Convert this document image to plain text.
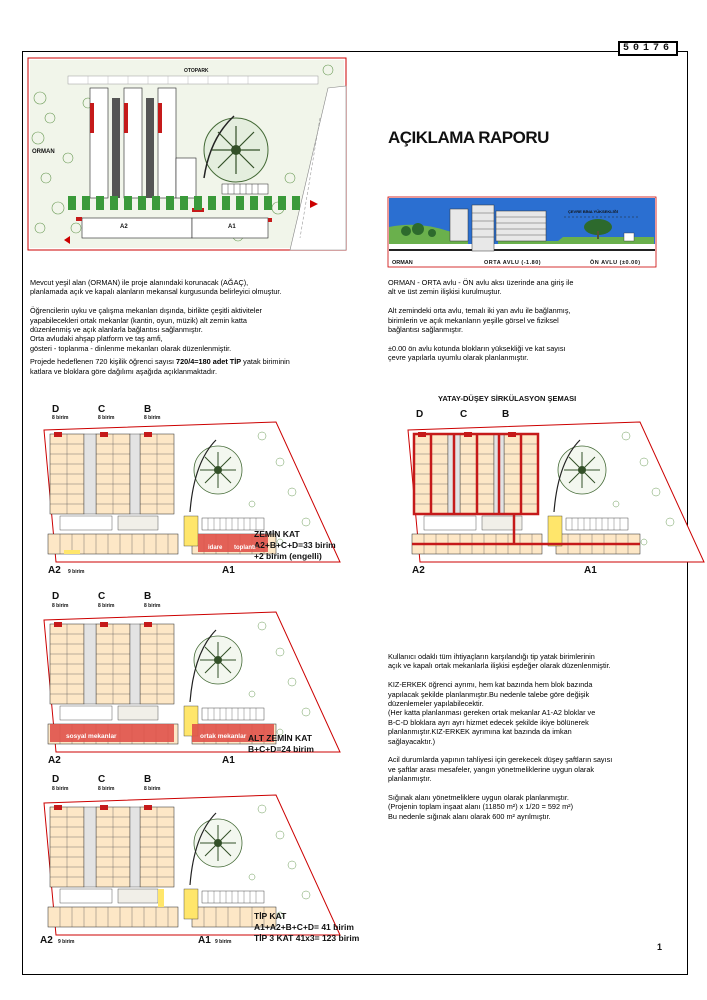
50176
OTOPARK
ORMAN
A2	A1
AÇIKLAMA RAPORU
ÇEVRE BİNA YÜKSEKLİĞİ
ORMAN	ORTA AVLU (-1.80)	ÖN AVLU (±0.00)

Mevcut yeşil alan (ORMAN) ile proje alanındaki korunacak (AĞAÇ),

planlamada açık ve kapalı alanların mekansal kurgusunda belirleyici olmuştur.

Öğrencilerin uyku ve çalışma mekanları dışında, birlikte çeşitli aktiviteler

yapabilecekleri ortak mekanlar (kantin, oyun, müzik) alt zemin katta

düzenlenmiş ve açık alanlarla bağlantısı sağlanmıştır.

Orta avludaki ahşap platform ve taş amfi,

gösteri - toplanma - dinlenme mekanları olarak düzenlenmiştir.

Projede hedeflenen 720 kişilik öğrenci sayısı 720/4=180 adet TİP yatak biriminin

katlara ve bloklara göre dağılımı aşağıda açıklanmaktadır.

ORMAN - ORTA avlu - ÖN avlu aksı üzerinde ana giriş ile

alt ve üst zemin ilişkisi kurulmuştur.

Alt zemindeki orta avlu, temalı iki yan avlu ile bağlanmış,

birimlerin ve açık mekanların yeşille görsel ve fiziksel

bağlantısı sağlanmıştır.

±0.00 ön avlu kotunda blokların yüksekliği ve kat sayısı

çevre yapılarla uyumlu olarak planlanmıştır.

YATAY-DÜŞEY SİRKÜLASYON ŞEMASI
D	C	B
8 birim	8 birim	8 birim
ZEMİN KAT
A2+B+C+D=33 birim
+2 birim (engelli)
idare toplantı
A2 9 birim	A1
D	C	B
A2	A1
D	C	B
8 birim	8 birim	8 birim
sosyal mekanlar	ortak mekanlar ALT ZEMİN KAT
B+C+D=24 birim
A2	A1
D	C	B
8 birim	8 birim	8 birim
TİP KAT
A1+A2+B+C+D= 41 birim
TİP 3 KAT 41x3= 123 birim
A2 9 birim	A1 9 birim

Kullanıcı odaklı tüm ihtiyaçların karşılandığı tip yatak birimlerinin

açık ve kapalı ortak mekanlarla ilişkisi eşdeğer olarak düzenlenmiştir.

KIZ-ERKEK öğrenci ayrımı, hem kat bazında hem blok bazında

yapılacak şekilde planlanmıştır.Bu nedenle talebe göre değişik

düzenlemeler yapılabilecektir.

(Her katta planlanması gereken ortak mekanlar A1-A2 bloklar ve

B-C-D bloklara ayrı ayrı hizmet edecek şekilde ikiye bölünerek

planlanmıştır.KIZ-ERKEK ayrımına kat bazında da imkan

sağlayacaktır.)

Acil durumlarda yapının tahliyesi için gerekecek düşey şaftların sayısı

ve şaftlar arası mesafeler, yangın yönetmeliklerine uygun olarak

planlanmıştır.

Sığınak alanı yönetmeliklere uygun olarak planlanmıştır.

(Projenin toplam inşaat alanı (11850 m²) x 1/20 = 592 m²)

Bu nedenle sığınak alanı olarak 600 m² ayrılmıştır.

1
